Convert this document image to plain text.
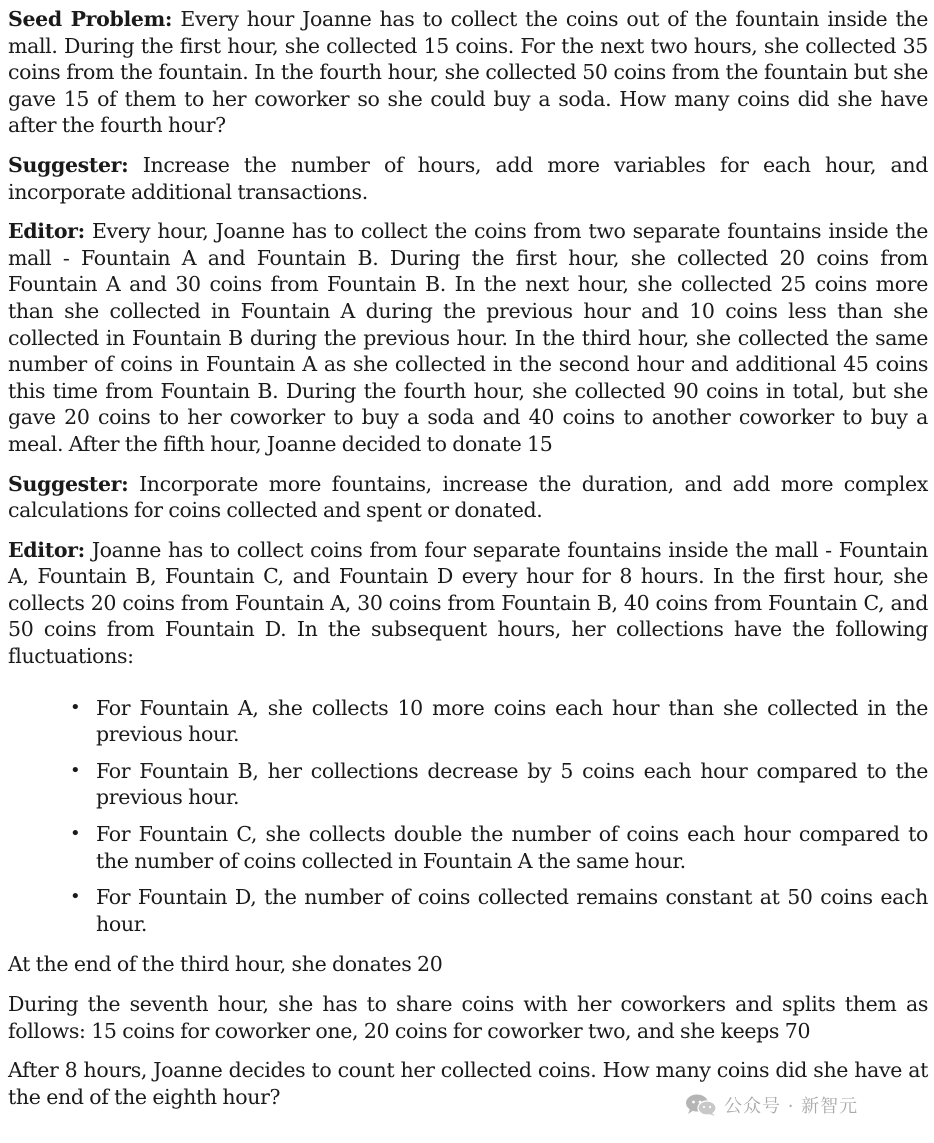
Seed Problem: Every hour Joanne has to collect the coins out of the fountain inside the mall. During the first hour, she collected 15 coins. For the next two hours, she collected 35 coins from the fountain. In the fourth hour, she collected 50 coins from the fountain but she gave 15 of them to her coworker so she could buy a soda. How many coins did she have after the fourth hour?

Suggester: Increase the number of hours, add more variables for each hour, and incorporate additional transactions.

Editor: Every hour, Joanne has to collect the coins from two separate fountains inside the mall - Fountain A and Fountain B. During the first hour, she collected 20 coins from Fountain A and 30 coins from Fountain B. In the next hour, she collected 25 coins more than she collected in Fountain A during the previous hour and 10 coins less than she collected in Fountain B during the previous hour. In the third hour, she collected the same number of coins in Fountain A as she collected in the second hour and additional 45 coins this time from Fountain B. During the fourth hour, she collected 90 coins in total, but she gave 20 coins to her coworker to buy a soda and 40 coins to another coworker to buy a meal. After the fifth hour, Joanne decided to donate 15

Suggester: Incorporate more fountains, increase the duration, and add more complex calculations for coins collected and spent or donated.

Editor: Joanne has to collect coins from four separate fountains inside the mall - Fountain A, Fountain B, Fountain C, and Fountain D every hour for 8 hours. In the first hour, she collects 20 coins from Fountain A, 30 coins from Fountain B, 40 coins from Fountain C, and 50 coins from Fountain D. In the subsequent hours, her collections have the following fluctuations:

• For Fountain A, she collects 10 more coins each hour than she collected in the previous hour.
• For Fountain B, her collections decrease by 5 coins each hour compared to the previous hour.
• For Fountain C, she collects double the number of coins each hour compared to the number of coins collected in Fountain A the same hour.
• For Fountain D, the number of coins collected remains constant at 50 coins each hour.

At the end of the third hour, she donates 20

During the seventh hour, she has to share coins with her coworkers and splits them as follows: 15 coins for coworker one, 20 coins for coworker two, and she keeps 70

After 8 hours, Joanne decides to count her collected coins. How many coins did she have at the end of the eighth hour?	公众号 · 新智元
